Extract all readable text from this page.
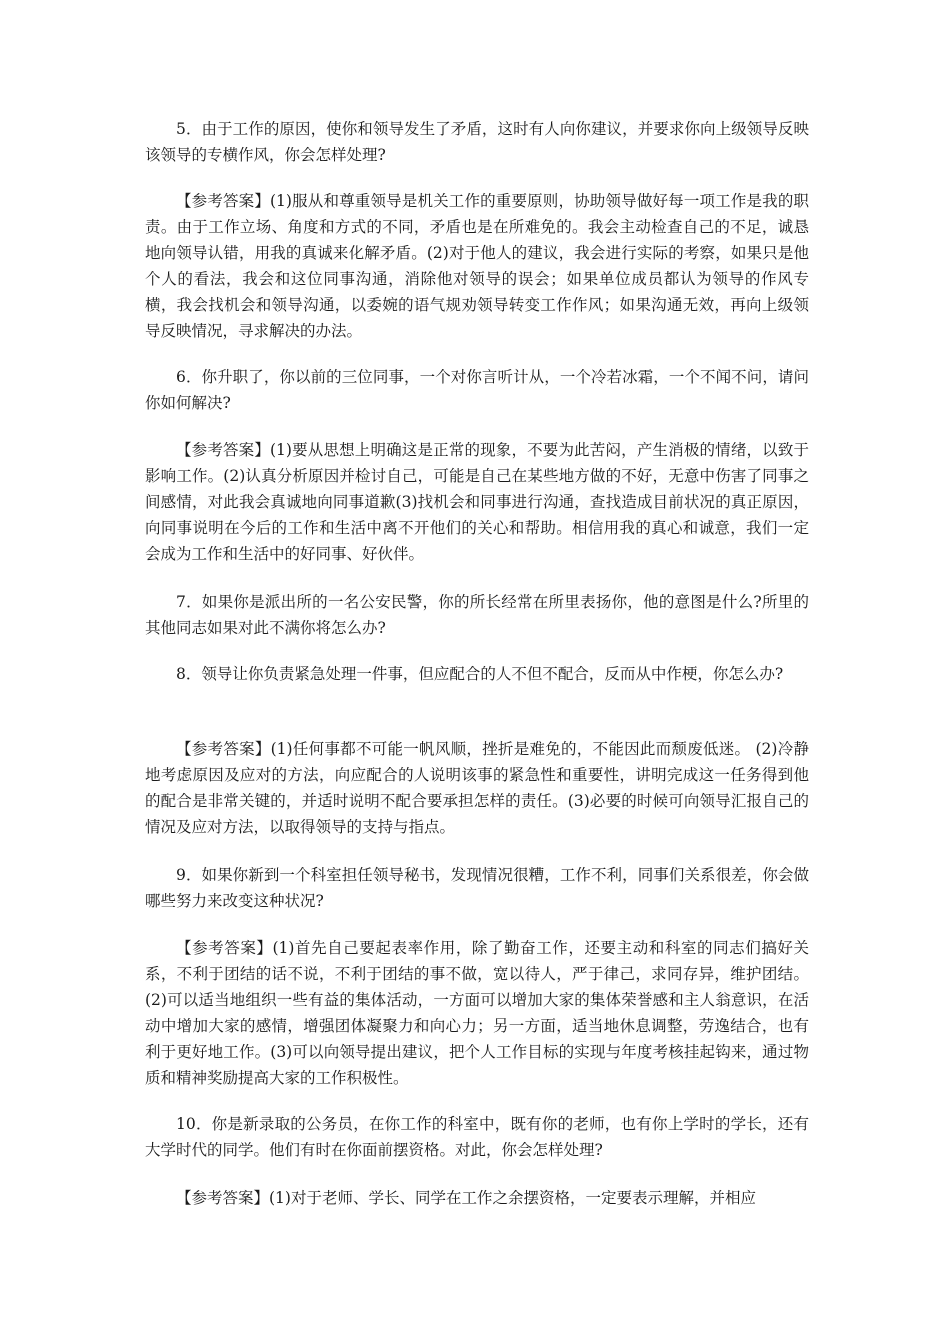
5．由于工作的原因，使你和领导发生了矛盾，这时有人向你建议，并要求你向上级领导反映该领导的专横作风，你会怎样处理?

【参考答案】(1)服从和尊重领导是机关工作的重要原则，协助领导做好每一项工作是我的职责。由于工作立场、角度和方式的不同，矛盾也是在所难免的。我会主动检查自己的不足，诚恳地向领导认错，用我的真诚来化解矛盾。(2)对于他人的建议，我会进行实际的考察，如果只是他个人的看法，我会和这位同事沟通，消除他对领导的误会；如果单位成员都认为领导的作风专横，我会找机会和领导沟通，以委婉的语气规劝领导转变工作作风；如果沟通无效，再向上级领导反映情况，寻求解决的办法。

6．你升职了，你以前的三位同事，一个对你言听计从，一个冷若冰霜，一个不闻不问，请问你如何解决?

【参考答案】(1)要从思想上明确这是正常的现象，不要为此苦闷，产生消极的情绪，以致于影响工作。(2)认真分析原因并检讨自己，可能是自己在某些地方做的不好，无意中伤害了同事之间感情，对此我会真诚地向同事道歉(3)找机会和同事进行沟通，查找造成目前状况的真正原因，向同事说明在今后的工作和生活中离不开他们的关心和帮助。相信用我的真心和诚意，我们一定会成为工作和生活中的好同事、好伙伴。

7．如果你是派出所的一名公安民警，你的所长经常在所里表扬你，他的意图是什么?所里的其他同志如果对此不满你将怎么办?

8．领导让你负责紧急处理一件事，但应配合的人不但不配合，反而从中作梗，你怎么办?

【参考答案】(1)任何事都不可能一帆风顺，挫折是难免的，不能因此而颓废低迷。 (2)冷静地考虑原因及应对的方法，向应配合的人说明该事的紧急性和重要性，讲明完成这一任务得到他的配合是非常关键的，并适时说明不配合要承担怎样的责任。(3)必要的时候可向领导汇报自己的情况及应对方法，以取得领导的支持与指点。

9．如果你新到一个科室担任领导秘书，发现情况很糟，工作不利，同事们关系很差，你会做哪些努力来改变这种状况?

【参考答案】(1)首先自己要起表率作用，除了勤奋工作，还要主动和科室的同志们搞好关系，不利于团结的话不说，不利于团结的事不做，宽以待人，严于律己，求同存异，维护团结。(2)可以适当地组织一些有益的集体活动，一方面可以增加大家的集体荣誉感和主人翁意识，在活动中增加大家的感情，增强团体凝聚力和向心力；另一方面，适当地休息调整，劳逸结合，也有利于更好地工作。(3)可以向领导提出建议，把个人工作目标的实现与年度考核挂起钩来，通过物质和精神奖励提高大家的工作积极性。

10．你是新录取的公务员，在你工作的科室中，既有你的老师，也有你上学时的学长，还有大学时代的同学。他们有时在你面前摆资格。对此，你会怎样处理?

【参考答案】(1)对于老师、学长、同学在工作之余摆资格，一定要表示理解，并相应
